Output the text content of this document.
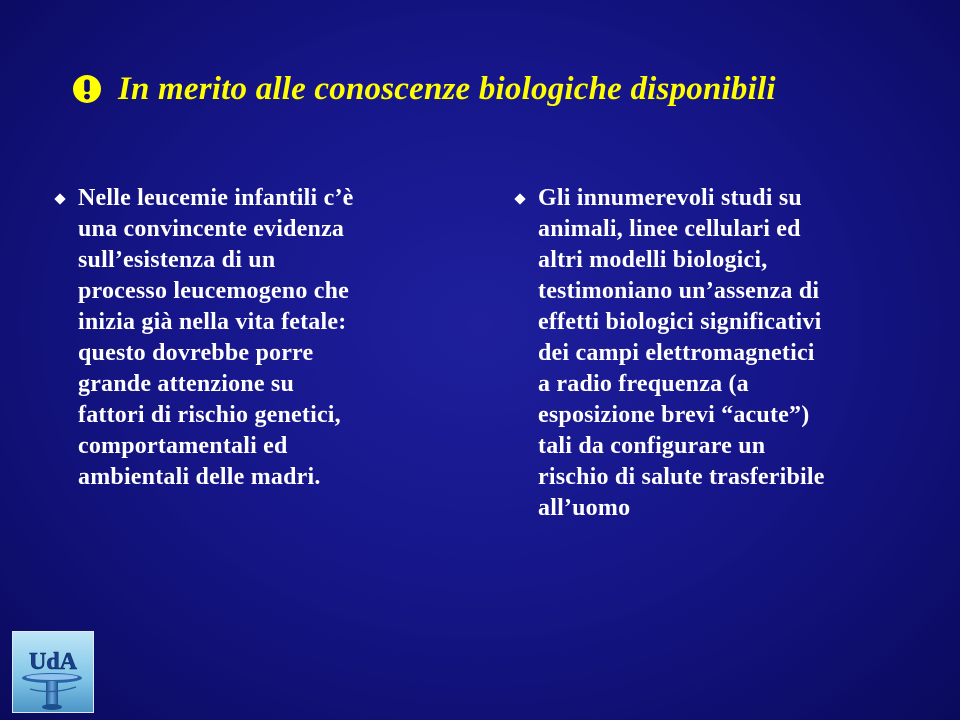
In merito alle conoscenze biologiche disponibili
Nelle leucemie infantili c’è
una convincente evidenza
sull’esistenza di un
processo leucemogeno che
inizia già nella vita fetale:
questo dovrebbe porre
grande attenzione su
fattori di rischio genetici,
comportamentali ed
ambientali delle madri.
Gli innumerevoli studi su
animali, linee cellulari ed
altri modelli biologici,
testimoniano un’assenza di
effetti biologici significativi
dei campi elettromagnetici
a radio frequenza (a
esposizione brevi “acute”)
tali da configurare un
rischio di salute trasferibile
all’uomo
UdA
